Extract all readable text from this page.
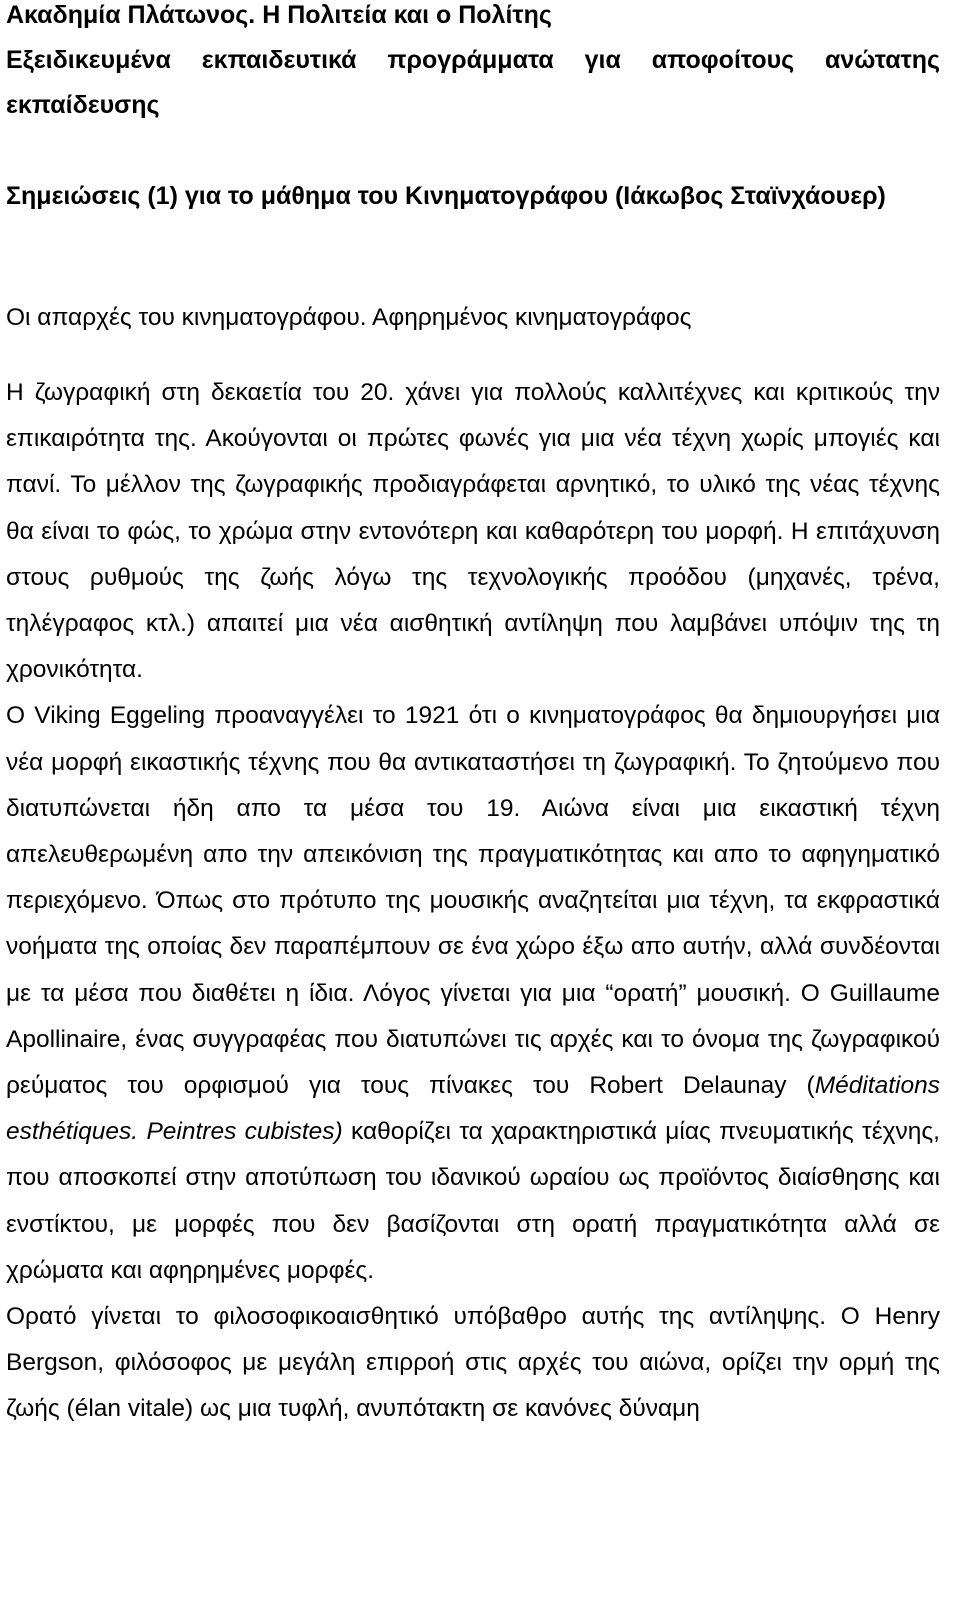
Ακαδημία Πλάτωνος. Η Πολιτεία και ο Πολίτης

Εξειδικευμένα εκπαιδευτικά προγράμματα για αποφοίτους ανώτατης εκπαίδευσης

Σημειώσεις (1) για το μάθημα του Κινηματογράφου (Ιάκωβος Σταϊνχάουερ)

Οι απαρχές του κινηματογράφου. Αφηρημένος κινηματογράφος

Η ζωγραφική στη δεκαετία του 20. χάνει για πολλούς καλλιτέχνες και κριτικούς την επικαιρότητα της. Ακούγονται οι πρώτες φωνές για μια νέα τέχνη χωρίς μπογιές και πανί. Το μέλλον της ζωγραφικής προδιαγράφεται αρνητικό, το υλικό της νέας τέχνης θα είναι το φώς, το χρώμα στην εντονότερη και καθαρότερη του μορφή. Η επιτάχυνση στους ρυθμούς της ζωής λόγω της τεχνολογικής προόδου (μηχανές, τρένα, τηλέγραφος κτλ.) απαιτεί μια νέα αισθητική αντίληψη που λαμβάνει υπόψιν της τη χρονικότητα.

Ο Viking Eggeling προαναγγέλει το 1921 ότι ο κινηματογράφος θα δημιουργήσει μια νέα μορφή εικαστικής τέχνης που θα αντικαταστήσει τη ζωγραφική. Το ζητούμενο που διατυπώνεται ήδη απο τα μέσα του 19. Αιώνα είναι μια εικαστική τέχνη απελευθερωμένη απο την απεικόνιση της πραγματικότητας και απο το αφηγηματικό περιεχόμενο. Όπως στο πρότυπο της μουσικής αναζητείται μια τέχνη, τα εκφραστικά νοήματα της οποίας δεν παραπέμπουν σε ένα χώρο έξω απο αυτήν, αλλά συνδέονται με τα μέσα που διαθέτει η ίδια. Λόγος γίνεται για μια “ορατή” μουσική. Ο Guillaume Apollinaire, ένας συγγραφέας που διατυπώνει τις αρχές και το όνομα της ζωγραφικού ρεύματος του ορφισμού για τους πίνακες του Robert Delaunay (Méditations esthétiques. Peintres cubistes) καθορίζει τα χαρακτηριστικά μίας πνευματικής τέχνης, που αποσκοπεί στην αποτύπωση του ιδανικού ωραίου ως προϊόντος διαίσθησης και ενστίκτου, με μορφές που δεν βασίζονται στη ορατή πραγματικότητα αλλά σε χρώματα και αφηρημένες μορφές.

Ορατό γίνεται το φιλοσοφικοαισθητικό υπόβαθρο αυτής της αντίληψης. Ο Henry Bergson, φιλόσοφος με μεγάλη επιρροή στις αρχές του αιώνα, ορίζει την ορμή της ζωής (élan vitale) ως μια τυφλή, ανυπότακτη σε κανόνες δύναμη
